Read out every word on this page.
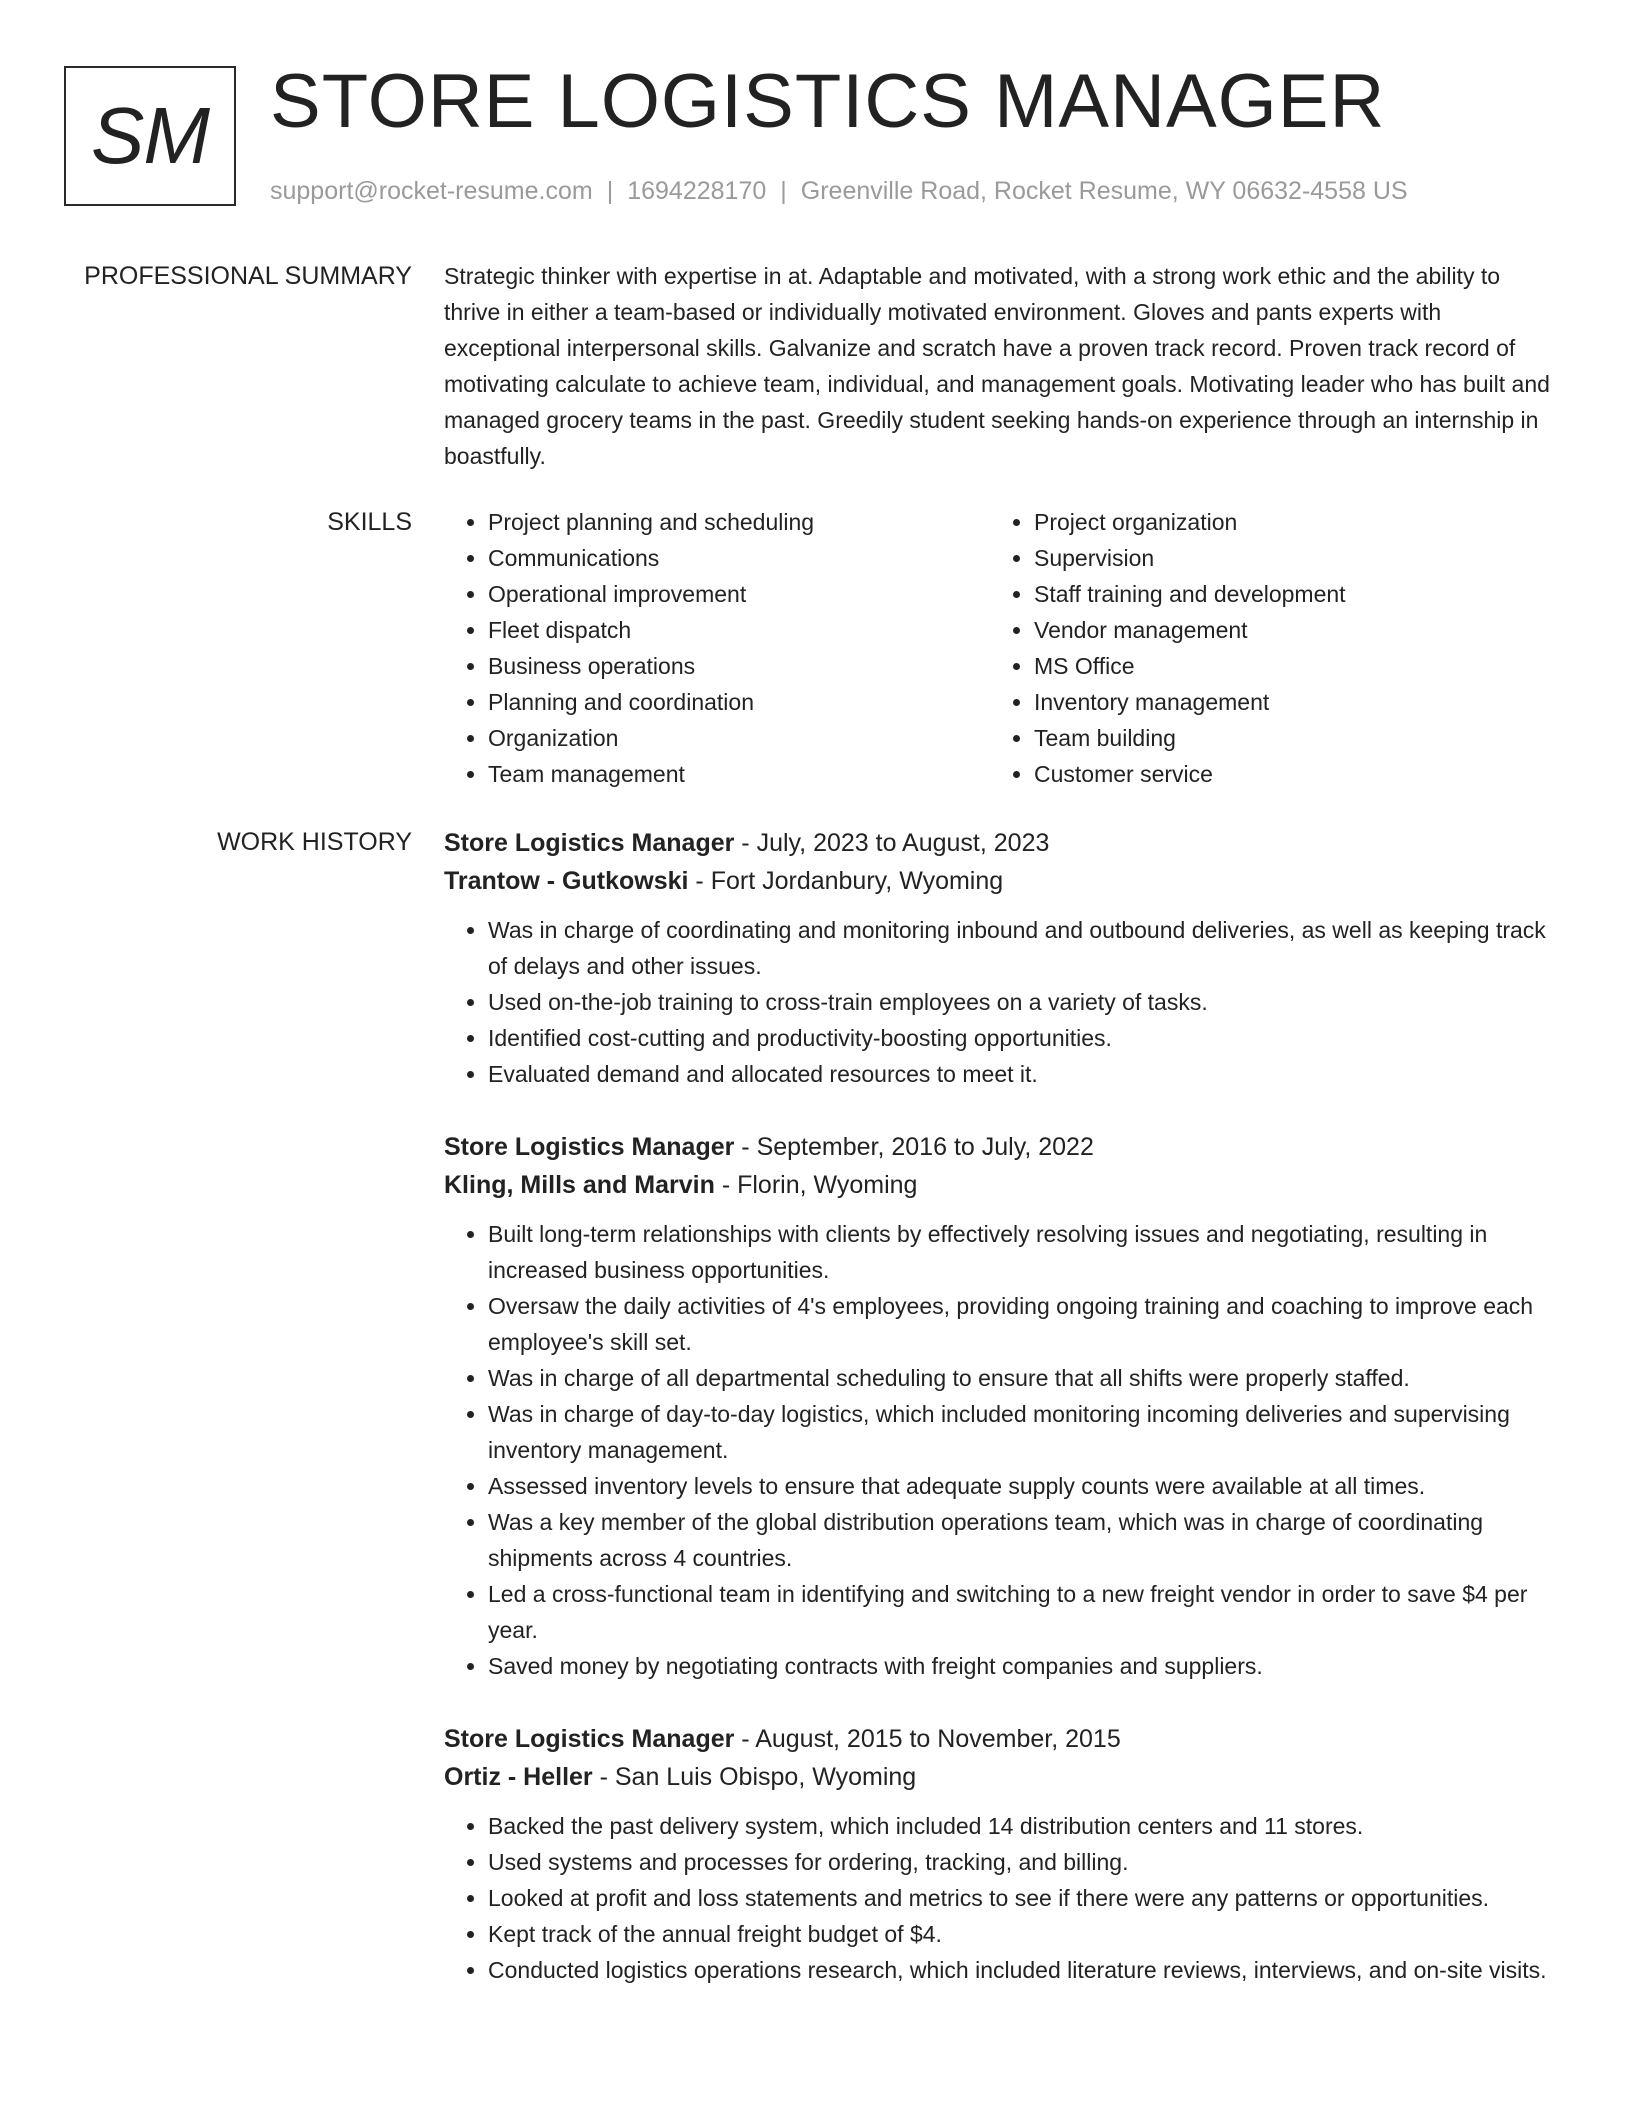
SM STORE LOGISTICS MANAGER
support@rocket-resume.com | 1694228170 | Greenville Road, Rocket Resume, WY 06632-4558 US
PROFESSIONAL SUMMARY Strategic thinker with expertise in at. Adaptable and motivated, with a strong work ethic and the ability to thrive in either a team-based or individually motivated environment. Gloves and pants experts with exceptional interpersonal skills. Galvanize and scratch have a proven track record. Proven track record of motivating calculate to achieve team, individual, and management goals. Motivating leader who has built and managed grocery teams in the past. Greedily student seeking hands-on experience through an internship in boastfully.

SKILLS
•	Project planning and scheduling
• Communications
• Operational improvement
• Fleet dispatch
• Business operations
• Planning and coordination
• Organization
• Team management
• Project organization
• Supervision
• Staff training and development
• Vendor management
• MS Office
• Inventory management
• Team building
• Customer service
WORK HISTORY Store Logistics Manager - July, 2023 to August, 2023
Trantow - Gutkowski - Fort Jordanbury, Wyoming
• Was in charge of coordinating and monitoring inbound and outbound deliveries, as well as keeping track of delays and other issues.
• Used on-the-job training to cross-train employees on a variety of tasks.
• Identified cost-cutting and productivity-boosting opportunities.
• Evaluated demand and allocated resources to meet it.
Store Logistics Manager - September, 2016 to July, 2022
Kling, Mills and Marvin - Florin, Wyoming
• Built long-term relationships with clients by effectively resolving issues and negotiating, resulting in increased business opportunities.
• Oversaw the daily activities of 4's employees, providing ongoing training and coaching to improve each employee's skill set.
• Was in charge of all departmental scheduling to ensure that all shifts were properly staffed.
• Was in charge of day-to-day logistics, which included monitoring incoming deliveries and supervising inventory management.
• Assessed inventory levels to ensure that adequate supply counts were available at all times.
• Was a key member of the global distribution operations team, which was in charge of coordinating shipments across 4 countries.
• Led a cross-functional team in identifying and switching to a new freight vendor in order to save $4 per year.
• Saved money by negotiating contracts with freight companies and suppliers.
Store Logistics Manager - August, 2015 to November, 2015
Ortiz - Heller - San Luis Obispo, Wyoming
• Backed the past delivery system, which included 14 distribution centers and 11 stores.
• Used systems and processes for ordering, tracking, and billing.
• Looked at profit and loss statements and metrics to see if there were any patterns or opportunities.
• Kept track of the annual freight budget of $4.
• Conducted logistics operations research, which included literature reviews, interviews, and on-site visits.
